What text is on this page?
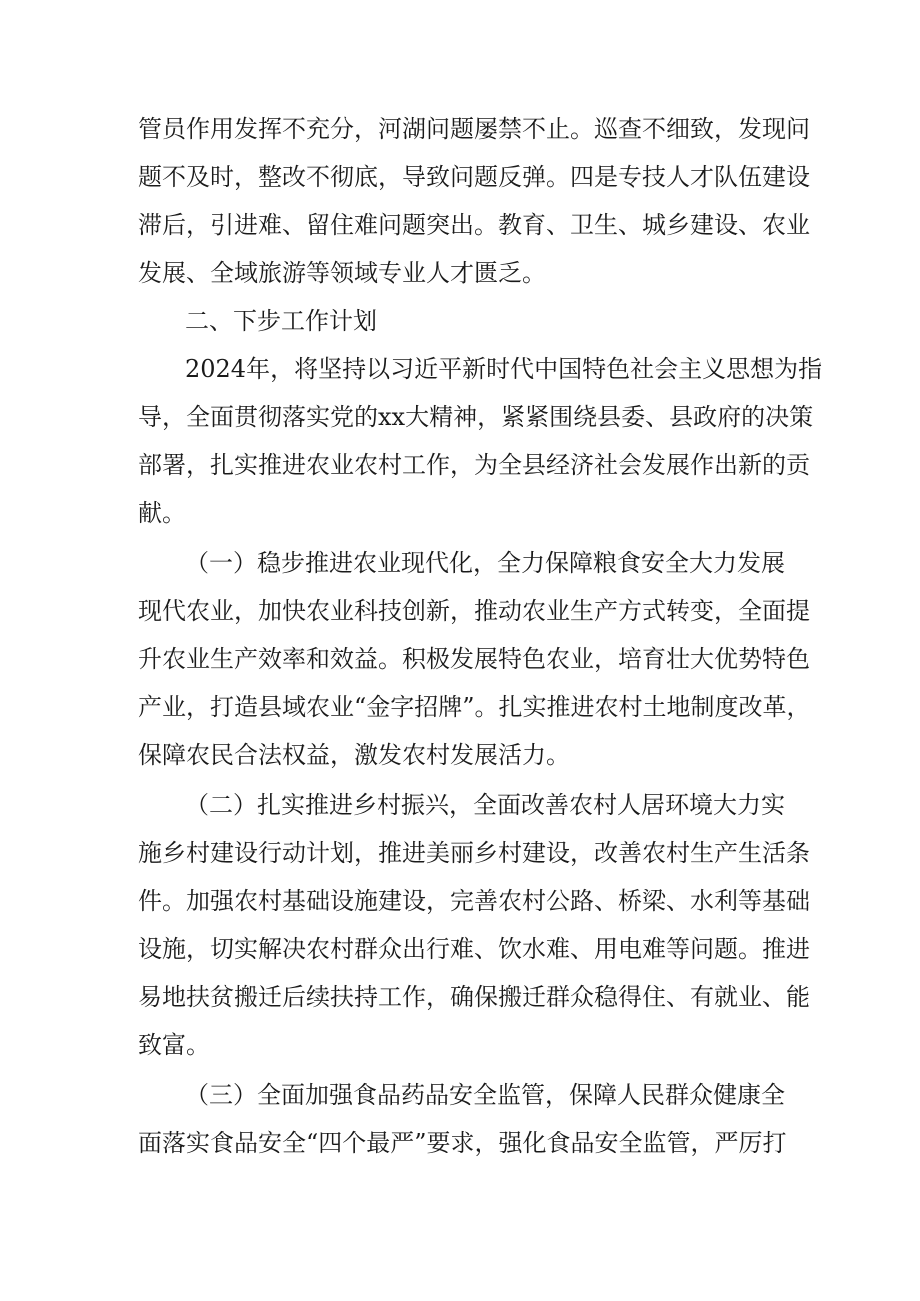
管员作用发挥不充分，河湖问题屡禁不止。巡查不细致，发现问
题不及时，整改不彻底，导致问题反弹。四是专技人才队伍建设
滞后，引进难、留住难问题突出。教育、卫生、城乡建设、农业
发展、全域旅游等领域专业人才匮乏。
二、下步工作计划
2024年，将坚持以习近平新时代中国特色社会主义思想为指
导，全面贯彻落实党的xx大精神，紧紧围绕县委、县政府的决策
部署，扎实推进农业农村工作，为全县经济社会发展作出新的贡
献。
（一）稳步推进农业现代化，全力保障粮食安全大力发展
现代农业，加快农业科技创新，推动农业生产方式转变，全面提
升农业生产效率和效益。积极发展特色农业，培育壮大优势特色
产业，打造县域农业“金字招牌”。扎实推进农村土地制度改革，
保障农民合法权益，激发农村发展活力。
（二）扎实推进乡村振兴，全面改善农村人居环境大力实
施乡村建设行动计划，推进美丽乡村建设，改善农村生产生活条
件。加强农村基础设施建设，完善农村公路、桥梁、水利等基础
设施，切实解决农村群众出行难、饮水难、用电难等问题。推进
易地扶贫搬迁后续扶持工作，确保搬迁群众稳得住、有就业、能
致富。
（三）全面加强食品药品安全监管，保障人民群众健康全
面落实食品安全“四个最严”要求，强化食品安全监管，严厉打
